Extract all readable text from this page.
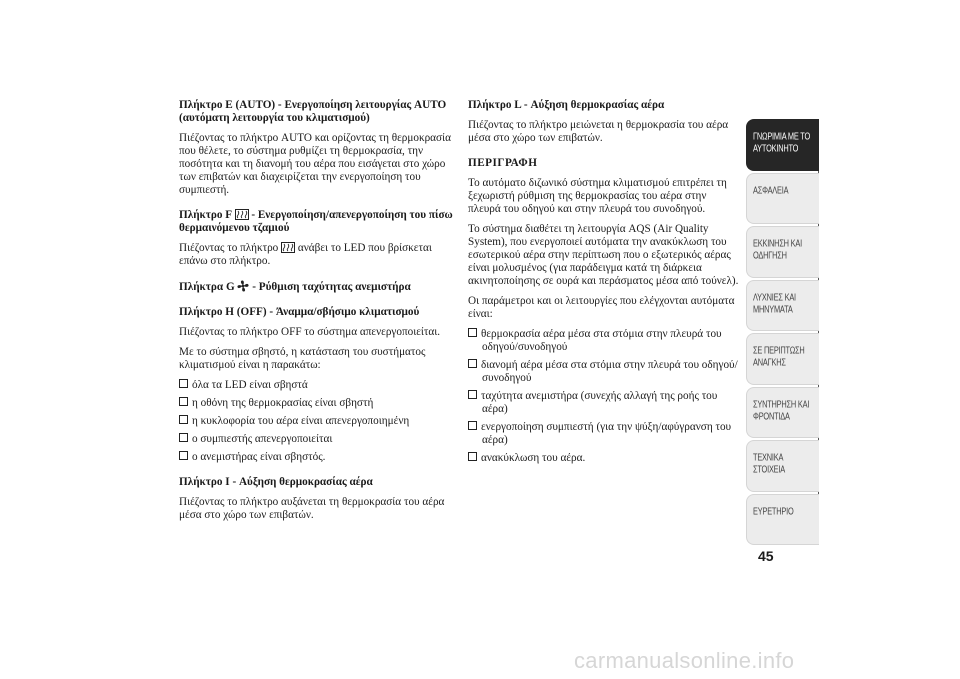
Πλήκτρο E (AUTO) - Ενεργοποίηση λειτουργίας AUTO (αυτόματη λειτουργία του κλιματισμού)

Πιέζοντας το πλήκτρο AUTO και ορίζοντας τη θερμοκρασία που θέλετε, το σύστημα ρυθμίζει τη θερμοκρασία, την ποσότητα και τη διανομή του αέρα που εισάγεται στο χώρο των επιβατών και διαχειρίζεται την ενεργοποίηση του συμπιεστή.

Πλήκτρο F - Ενεργοποίηση/απενεργοποίηση του πίσω θερμαινόμενου τζαμιού

Πιέζοντας το πλήκτρο ανάβει το LED που βρίσκεται επάνω στο πλήκτρο.

Πλήκτρα G - Ρύθμιση ταχύτητας ανεμιστήρα
Πλήκτρο H (OFF) - Άναμμα/σβήσιμο κλιματισμού

Πιέζοντας το πλήκτρο OFF το σύστημα απενεργοποιείται.

Με το σύστημα σβηστό, η κατάσταση του συστήματος κλιματισμού είναι η παρακάτω:

όλα τα LED είναι σβηστά
η οθόνη της θερμοκρασίας είναι σβηστή
η κυκλοφορία του αέρα είναι απενεργοποιημένη
ο συμπιεστής απενεργοποιείται
ο ανεμιστήρας είναι σβηστός.
Πλήκτρο I - Αύξηση θερμοκρασίας αέρα

Πιέζοντας το πλήκτρο αυξάνεται τη θερμοκρασία του αέρα μέσα στο χώρο των επιβατών.

Πλήκτρο L - Αύξηση θερμοκρασίας αέρα

Πιέζοντας το πλήκτρο μειώνεται η θερμοκρασία του αέρα μέσα στο χώρο των επιβατών.

ΠΕΡΙΓΡΑΦΗ

Το αυτόματο διζωνικό σύστημα κλιματισμού επιτρέπει τη ξεχωριστή ρύθμιση της θερμοκρασίας του αέρα στην πλευρά του οδηγού και στην πλευρά του συνοδηγού.

Το σύστημα διαθέτει τη λειτουργία AQS (Air Quality System), που ενεργοποιεί αυτόματα την ανακύκλωση του εσωτερικού αέρα στην περίπτωση που ο εξωτερικός αέρας είναι μολυσμένος (για παράδειγμα κατά τη διάρκεια ακινητοποίησης σε ουρά και περάσματος μέσα από τούνελ).

Οι παράμετροι και οι λειτουργίες που ελέγχονται αυτόματα είναι:

θερμοκρασία αέρα μέσα στα στόμια στην πλευρά του οδηγού/συνοδηγού
διανομή αέρα μέσα στα στόμια στην πλευρά του οδηγού/συνοδηγού
ταχύτητα ανεμιστήρα (συνεχής αλλαγή της ροής του αέρα)
ενεργοποίηση συμπιεστή (για την ψύξη/αφύγρανση του αέρα)
ανακύκλωση του αέρα.
ΓΝΩΡΙΜΙΑ ΜΕ ΤΟ ΑΥΤΟΚΙΝΗΤΟ
ΑΣΦΑΛΕΙΑ
ΕΚΚΙΝΗΣΗ ΚΑΙ ΟΔΗΓΗΣΗ
ΛΥΧΝΙΕΣ ΚΑΙ ΜΗΝΥΜΑΤΑ
ΣΕ ΠΕΡΙΠΤΩΣΗ ΑΝΑΓΚΗΣ
ΣΥΝΤΗΡΗΣΗ ΚΑΙ ΦΡΟΝΤΙΔΑ
ΤΕΧΝΙΚΑ ΣΤΟΙΧΕΙΑ
ΕΥΡΕΤΗΡΙΟ
45
carmanualsonline.info
